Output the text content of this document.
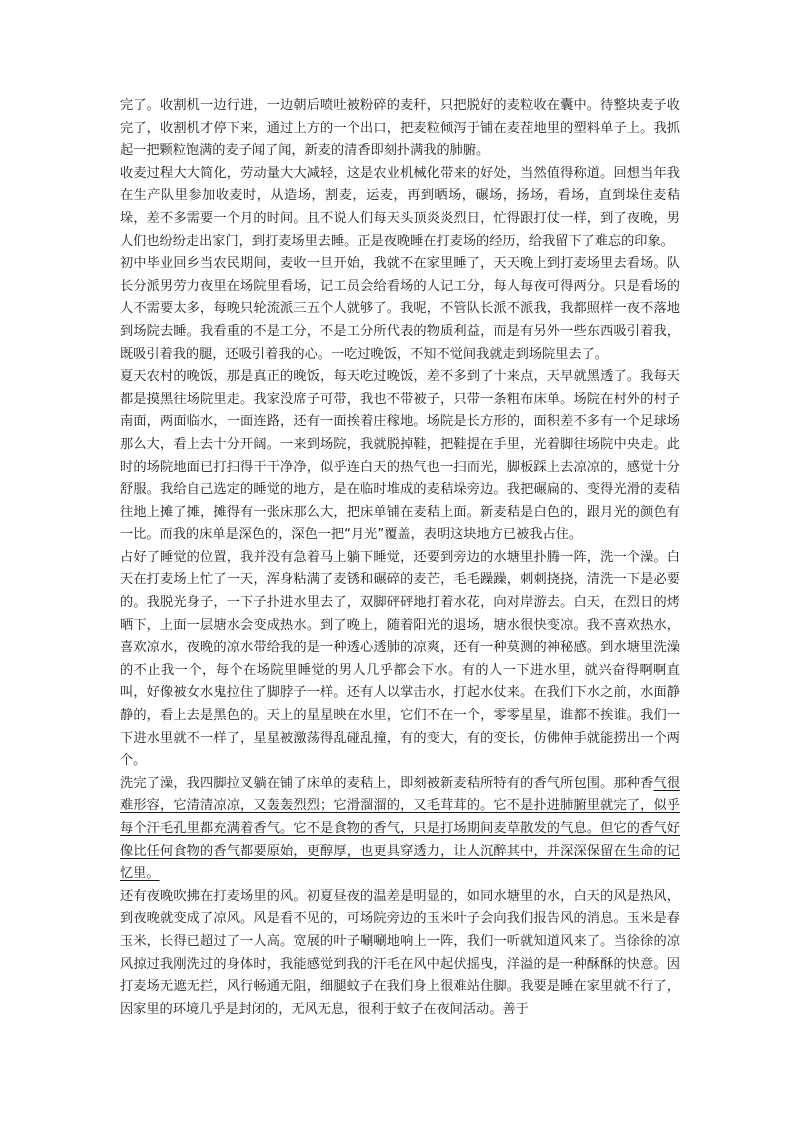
完了。收割机一边行进，一边朝后喷吐被粉碎的麦秆，只把脱好的麦粒收在囊中。待整块麦子收完了，收割机才停下来，通过上方的一个出口，把麦粒倾泻于铺在麦茬地里的塑料单子上。我抓起一把颗粒饱满的麦子闻了闻，新麦的清香即刻扑满我的肺腑。

收麦过程大大简化，劳动量大大减轻，这是农业机械化带来的好处，当然值得称道。回想当年我在生产队里参加收麦时，从造场，割麦，运麦，再到晒场，碾场，扬场，看场，直到垛住麦秸垛，差不多需要一个月的时间。且不说人们每天头顶炎炎烈日，忙得跟打仗一样，到了夜晚，男人们也纷纷走出家门，到打麦场里去睡。正是夜晚睡在打麦场的经历，给我留下了难忘的印象。

初中毕业回乡当农民期间，麦收一旦开始，我就不在家里睡了，天天晚上到打麦场里去看场。队长分派男劳力夜里在场院里看场，记工员会给看场的人记工分，每人每夜可得两分。只是看场的人不需要太多，每晚只轮流派三五个人就够了。我呢，不管队长派不派我，我都照样一夜不落地到场院去睡。我看重的不是工分，不是工分所代表的物质利益，而是有另外一些东西吸引着我，既吸引着我的腿，还吸引着我的心。一吃过晚饭，不知不觉间我就走到场院里去了。

夏天农村的晚饭，那是真正的晚饭，每天吃过晚饭，差不多到了十来点，天早就黑透了。我每天都是摸黑往场院里走。我家没席子可带，我也不带被子，只带一条粗布床单。场院在村外的村子南面，两面临水，一面连路，还有一面挨着庄稼地。场院是长方形的，面积差不多有一个足球场那么大，看上去十分开阔。一来到场院，我就脱掉鞋，把鞋提在手里，光着脚往场院中央走。此时的场院地面已打扫得干干净净，似乎连白天的热气也一扫而光，脚板踩上去凉凉的，感觉十分舒服。我给自己选定的睡觉的地方，是在临时堆成的麦秸垛旁边。我把碾扁的、变得光滑的麦秸往地上摊了摊，摊得有一张床那么大，把床单铺在麦秸上面。新麦秸是白色的，跟月光的颜色有一比。而我的床单是深色的，深色一把“月光”覆盖，表明这块地方已被我占住。

占好了睡觉的位置，我并没有急着马上躺下睡觉，还要到旁边的水塘里扑腾一阵，洗一个澡。白天在打麦场上忙了一天，浑身粘满了麦锈和碾碎的麦芒，毛毛躁躁，刺刺挠挠，清洗一下是必要的。我脱光身子，一下子扑进水里去了，双脚砰砰地打着水花，向对岸游去。白天，在烈日的烤晒下，上面一层塘水会变成热水。到了晚上，随着阳光的退场，塘水很快变凉。我不喜欢热水，喜欢凉水，夜晚的凉水带给我的是一种透心透肺的凉爽，还有一种莫测的神秘感。到水塘里洗澡的不止我一个，每个在场院里睡觉的男人几乎都会下水。有的人一下进水里，就兴奋得啊啊直叫，好像被女水鬼拉住了脚脖子一样。还有人以掌击水，打起水仗来。在我们下水之前，水面静静的，看上去是黑色的。天上的星星映在水里，它们不在一个，零零星星，谁都不挨谁。我们一下进水里就不一样了，星星被激荡得乱碰乱撞，有的变大，有的变长，仿佛伸手就能捞出一个两个。

洗完了澡，我四脚拉叉躺在铺了床单的麦秸上，即刻被新麦秸所特有的香气所包围。那种香气很难形容，它清清凉凉，又轰轰烈烈；它滑溜溜的，又毛茸茸的。它不是扑进肺腑里就完了，似乎每个汗毛孔里都充满着香气。它不是食物的香气，只是打场期间麦草散发的气息。但它的香气好像比任何食物的香气都要原始，更醇厚，也更具穿透力，让人沉醉其中，并深深保留在生命的记忆里。

还有夜晚吹拂在打麦场里的风。初夏昼夜的温差是明显的，如同水塘里的水，白天的风是热风，到夜晚就变成了凉风。风是看不见的，可场院旁边的玉米叶子会向我们报告风的消息。玉米是春玉米，长得已超过了一人高。宽展的叶子唰唰地响上一阵，我们一听就知道风来了。当徐徐的凉风掠过我刚洗过的身体时，我能感觉到我的汗毛在风中起伏摇曳，洋溢的是一种酥酥的快意。因打麦场无遮无拦，风行畅通无阻，细腿蚊子在我们身上很难站住脚。我要是睡在家里就不行了，因家里的环境几乎是封闭的，无风无息，很利于蚊子在夜间活动。善于
